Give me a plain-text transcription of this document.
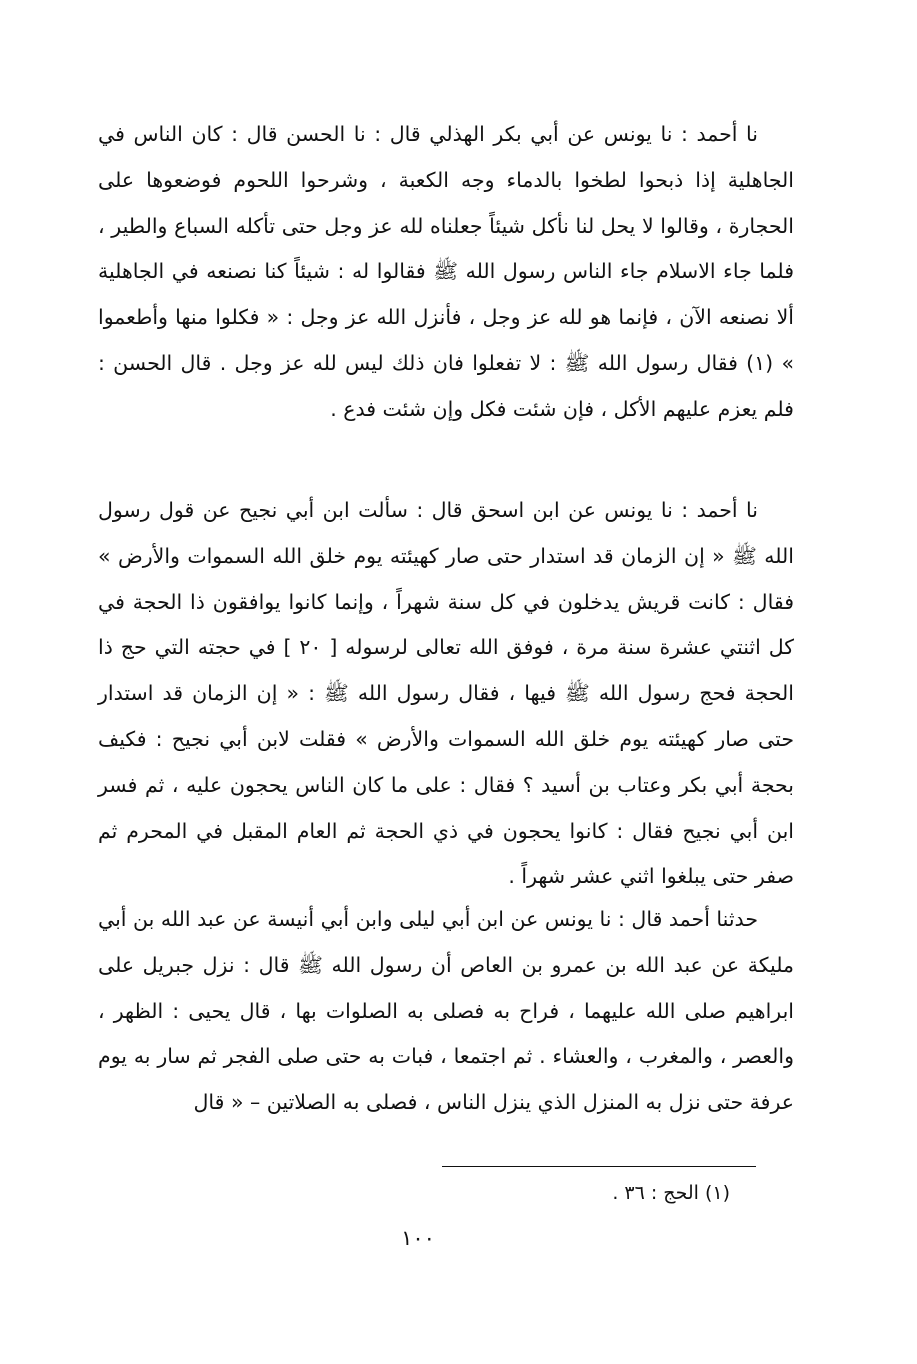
نا أحمد : نا يونس عن أبي بكر الهذلي قال : نا الحسن قال : كان الناس في الجاهلية إذا ذبحوا لطخوا بالدماء وجه الكعبة ، وشرحوا اللحوم فوضعوها على الحجارة ، وقالوا لا يحل لنا نأكل شيئاً جعلناه لله عز وجل حتى تأكله السباع والطير ، فلما جاء الاسلام جاء الناس رسول الله ﷺ فقالوا له : شيئاً كنا نصنعه في الجاهلية ألا نصنعه الآن ، فإنما هو لله عز وجل ، فأنزل الله عز وجل : « فكلوا منها وأطعموا » (١) فقال رسول الله ﷺ : لا تفعلوا فان ذلك ليس لله عز وجل . قال الحسن : فلم يعزم عليهم الأكل ، فإن شئت فكل وإن شئت فدع .

نا أحمد : نا يونس عن ابن اسحق قال : سألت ابن أبي نجيح عن قول رسول الله ﷺ « إن الزمان قد استدار حتى صار كهيئته يوم خلق الله السموات والأرض » فقال : كانت قريش يدخلون في كل سنة شهراً ، وإنما كانوا يوافقون ذا الحجة في كل اثنتي عشرة سنة مرة ، فوفق الله تعالى لرسوله [ ٢٠ ] في حجته التي حج ذا الحجة فحج رسول الله ﷺ فيها ، فقال رسول الله ﷺ : « إن الزمان قد استدار حتى صار كهيئته يوم خلق الله السموات والأرض » فقلت لابن أبي نجيح : فكيف بحجة أبي بكر وعتاب بن أسيد ؟ فقال : على ما كان الناس يحجون عليه ، ثم فسر ابن أبي نجيح فقال : كانوا يحجون في ذي الحجة ثم العام المقبل في المحرم ثم صفر حتى يبلغوا اثني عشر شهراً .

حدثنا أحمد قال : نا يونس عن ابن أبي ليلى وابن أبي أنيسة عن عبد الله بن أبي مليكة عن عبد الله بن عمرو بن العاص أن رسول الله ﷺ قال : نزل جبريل على ابراهيم صلى الله عليهما ، فراح به فصلى به الصلوات بها ، قال يحيى : الظهر ، والعصر ، والمغرب ، والعشاء . ثم اجتمعا ، فبات به حتى صلى الفجر ثم سار به يوم عرفة حتى نزل به المنزل الذي ينزل الناس ، فصلى به الصلاتين – « قال

(١) الحج : ٣٦ .
١٠٠
